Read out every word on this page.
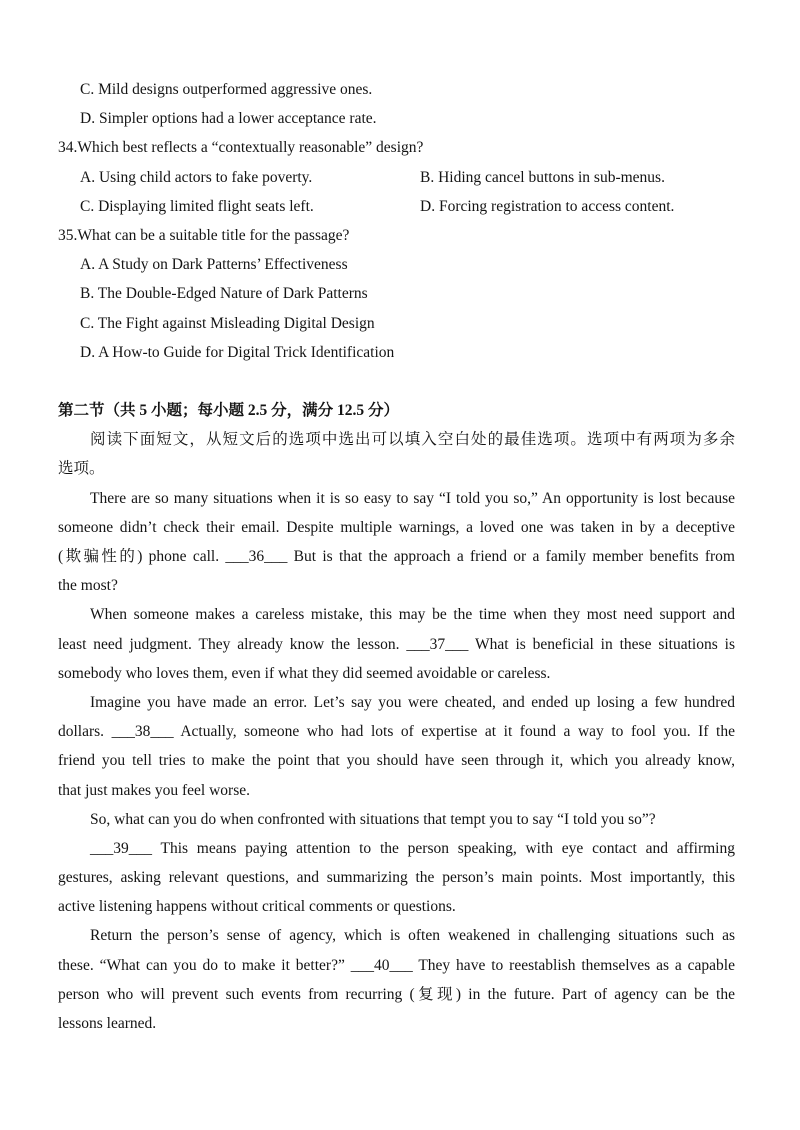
C. Mild designs outperformed aggressive ones.
D. Simpler options had a lower acceptance rate.
34.Which best reflects a “contextually reasonable” design?
A. Using child actors to fake poverty.	B. Hiding cancel buttons in sub-menus.
C. Displaying limited flight seats left.	D. Forcing registration to access content.
35.What can be a suitable title for the passage?
A. A Study on Dark Patterns’ Effectiveness
B. The Double-Edged Nature of Dark Patterns
C. The Fight against Misleading Digital Design
D. A How-to Guide for Digital Trick Identification
第二节（共 5 小题；每小题 2.5 分，满分 12.5 分）
阅读下面短文，从短文后的选项中选出可以填入空白处的最佳选项。选项中有两项为多余
选项。
There are so many situations when it is so easy to say “I told you so,” An opportunity is lost because
someone didn’t check their email. Despite multiple warnings, a loved one was taken in by a deceptive
(欺骗性的) phone call. ___36___ But is that the approach a friend or a family member benefits from
the most?
When someone makes a careless mistake, this may be the time when they most need support and
least need judgment. They already know the lesson. ___37___ What is beneficial in these situations is
somebody who loves them, even if what they did seemed avoidable or careless.
Imagine you have made an error. Let’s say you were cheated, and ended up losing a few hundred
dollars. ___38___ Actually, someone who had lots of expertise at it found a way to fool you. If the
friend you tell tries to make the point that you should have seen through it, which you already know,
that just makes you feel worse.
So, what can you do when confronted with situations that tempt you to say “I told you so”?
___39___ This means paying attention to the person speaking, with eye contact and affirming
gestures, asking relevant questions, and summarizing the person’s main points. Most importantly, this
active listening happens without critical comments or questions.
Return the person’s sense of agency, which is often weakened in challenging situations such as
these. “What can you do to make it better?” ___40___ They have to reestablish themselves as a capable
person who will prevent such events from recurring (复现) in the future. Part of agency can be the
lessons learned.
